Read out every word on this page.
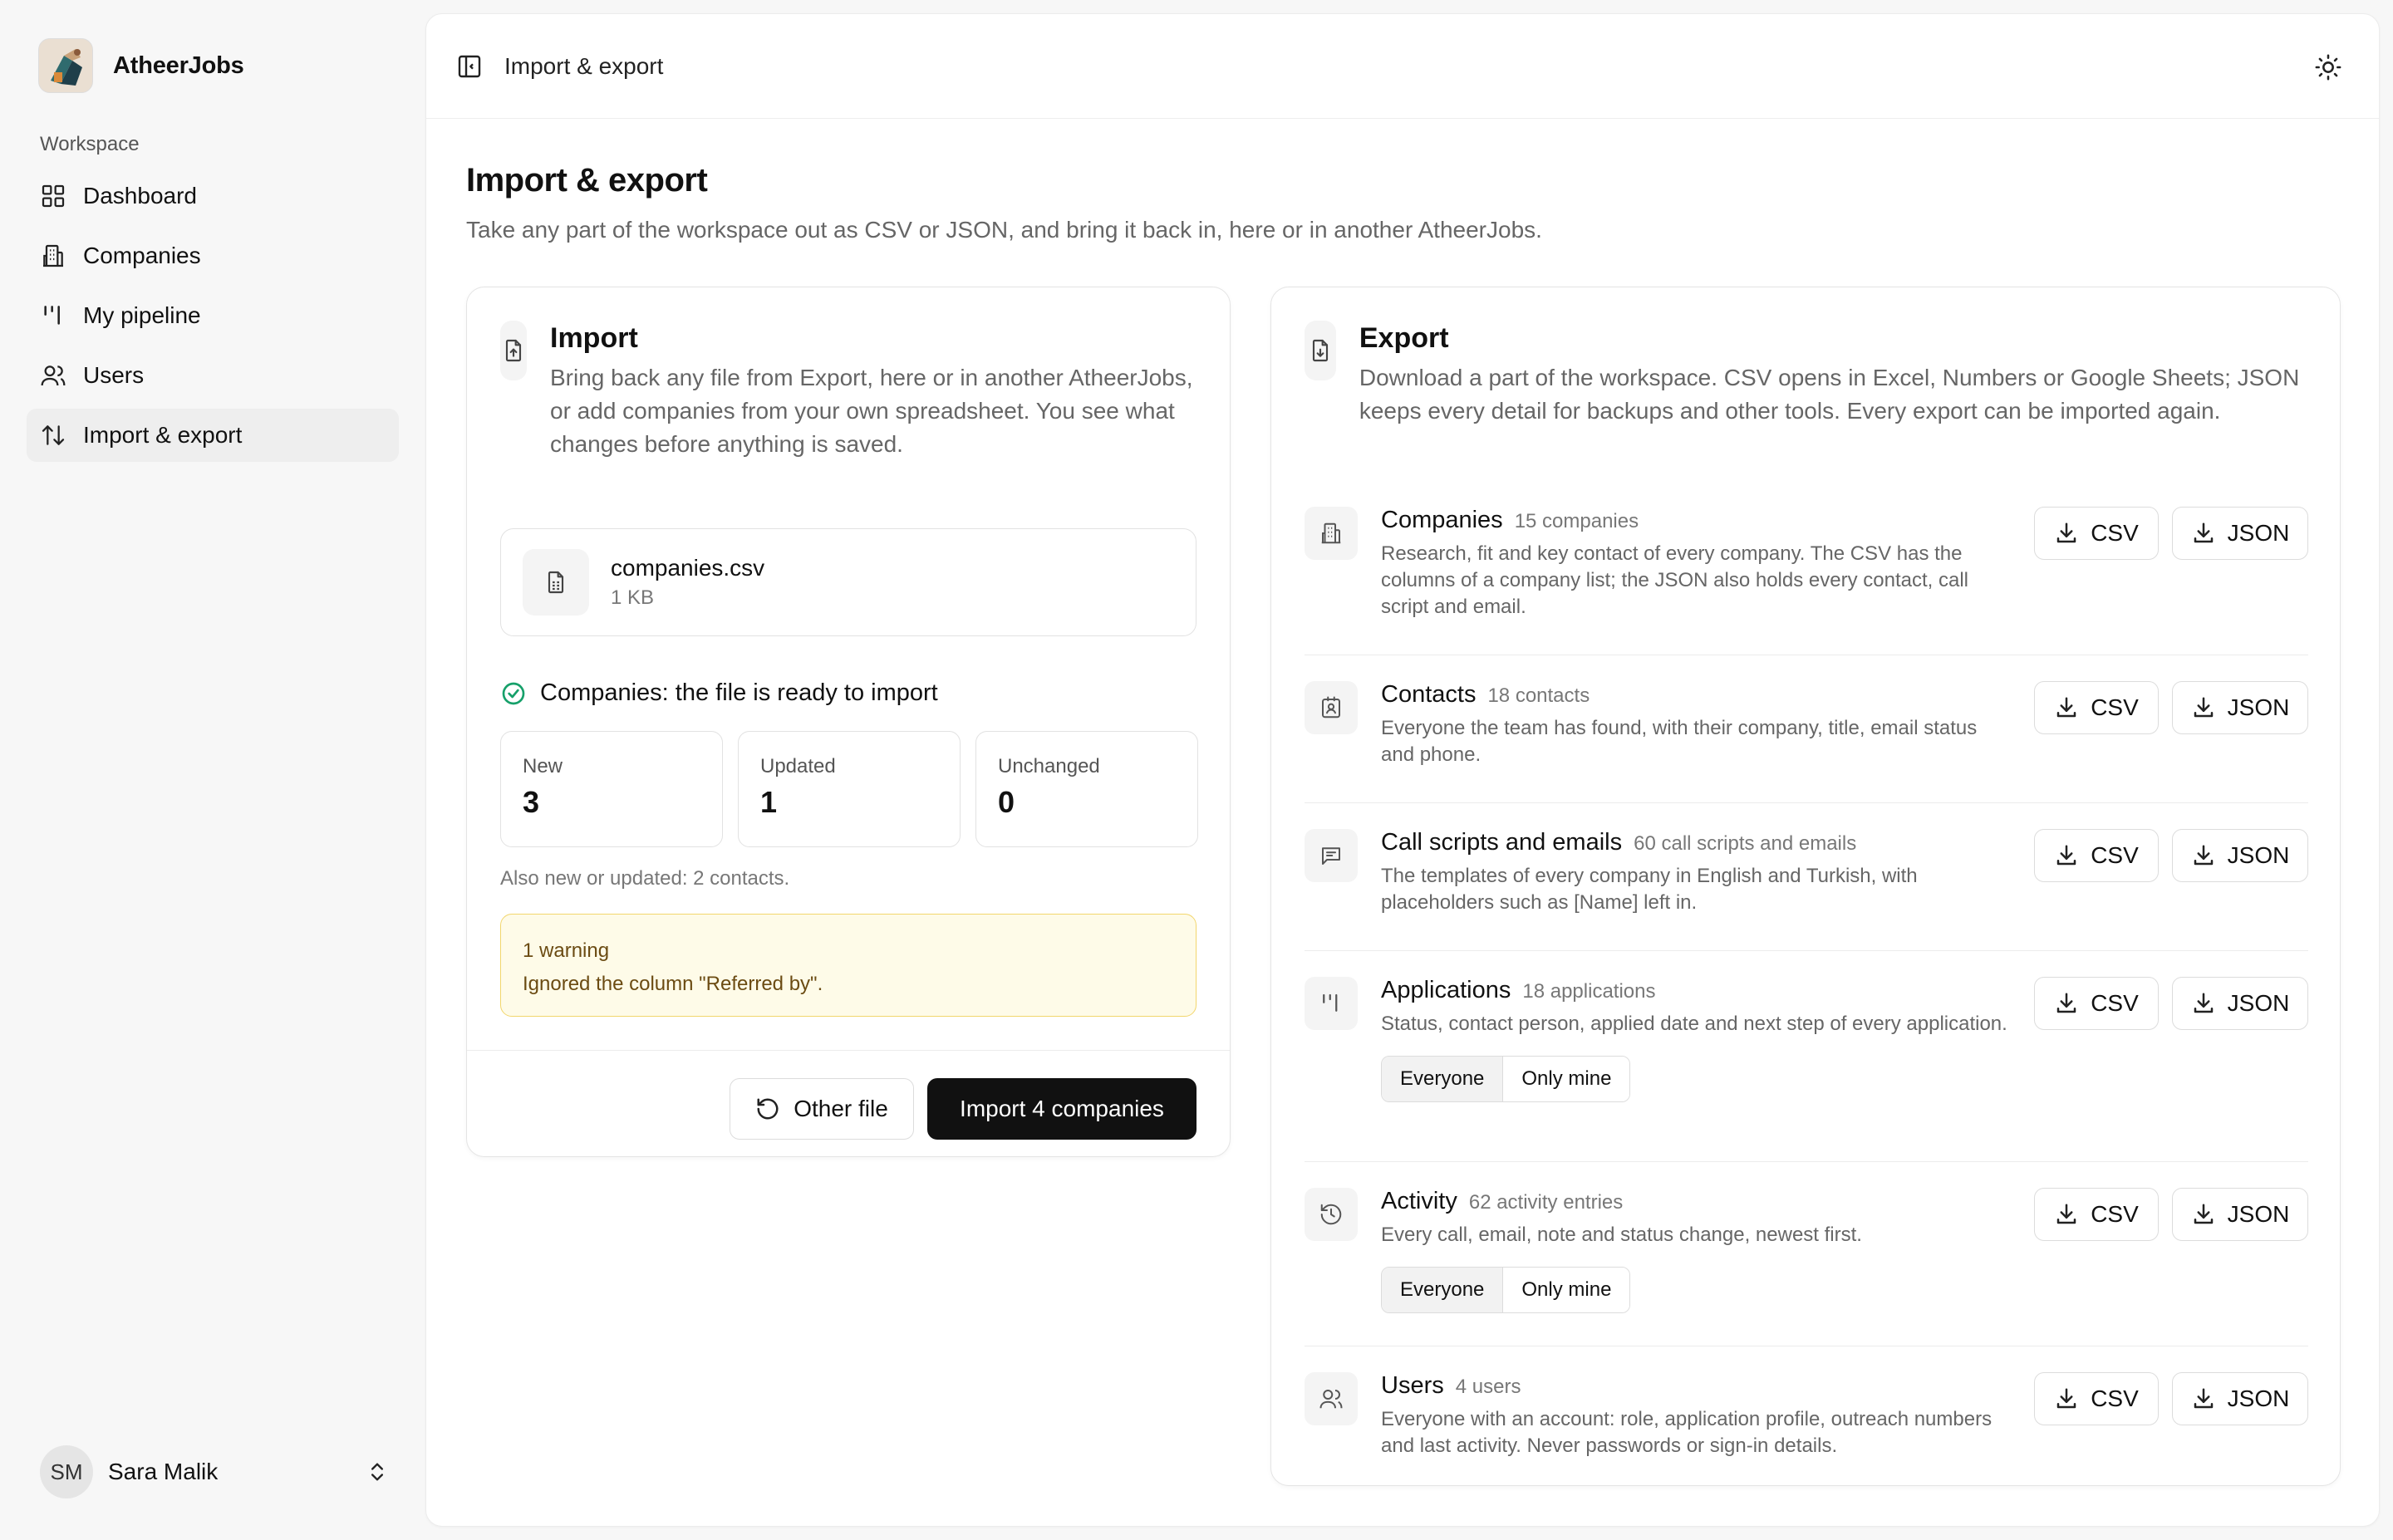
AtheerJobs
Workspace
Dashboard
Companies
My pipeline
Users
Import & export
SM	Sara Malik
Import & export
Import & export

Take any part of the workspace out as CSV or JSON, and bring it back in, here or in another AtheerJobs.

Import

Bring back any file from Export, here or in another AtheerJobs, or add companies from your own spreadsheet. You see what changes before anything is saved.

companies.csv
1 KB
Companies: the file is ready to import
New
3
Updated
1
Unchanged
0
Also new or updated: 2 contacts.
1 warning
Ignored the column "Referred by".
Other file	Import 4 companies
Export

Download a part of the workspace. CSV opens in Excel, Numbers or Google Sheets; JSON keeps every detail for backups and other tools. Every export can be imported again.

Companies 15 companies
Research, fit and key contact of every company. The CSV has the columns of a company list; the JSON also holds every contact, call script and email.
CSV	JSON
Contacts 18 contacts
Everyone the team has found, with their company, title, email status and phone.
CSV	JSON
Call scripts and emails 60 call scripts and emails
The templates of every company in English and Turkish, with placeholders such as [Name] left in.
CSV	JSON
Applications 18 applications
Status, contact person, applied date and next step of every application.
Everyone	Only mine
CSV	JSON
Activity 62 activity entries
Every call, email, note and status change, newest first.
Everyone	Only mine
CSV	JSON
Users 4 users
Everyone with an account: role, application profile, outreach numbers and last activity. Never passwords or sign-in details.
CSV	JSON
